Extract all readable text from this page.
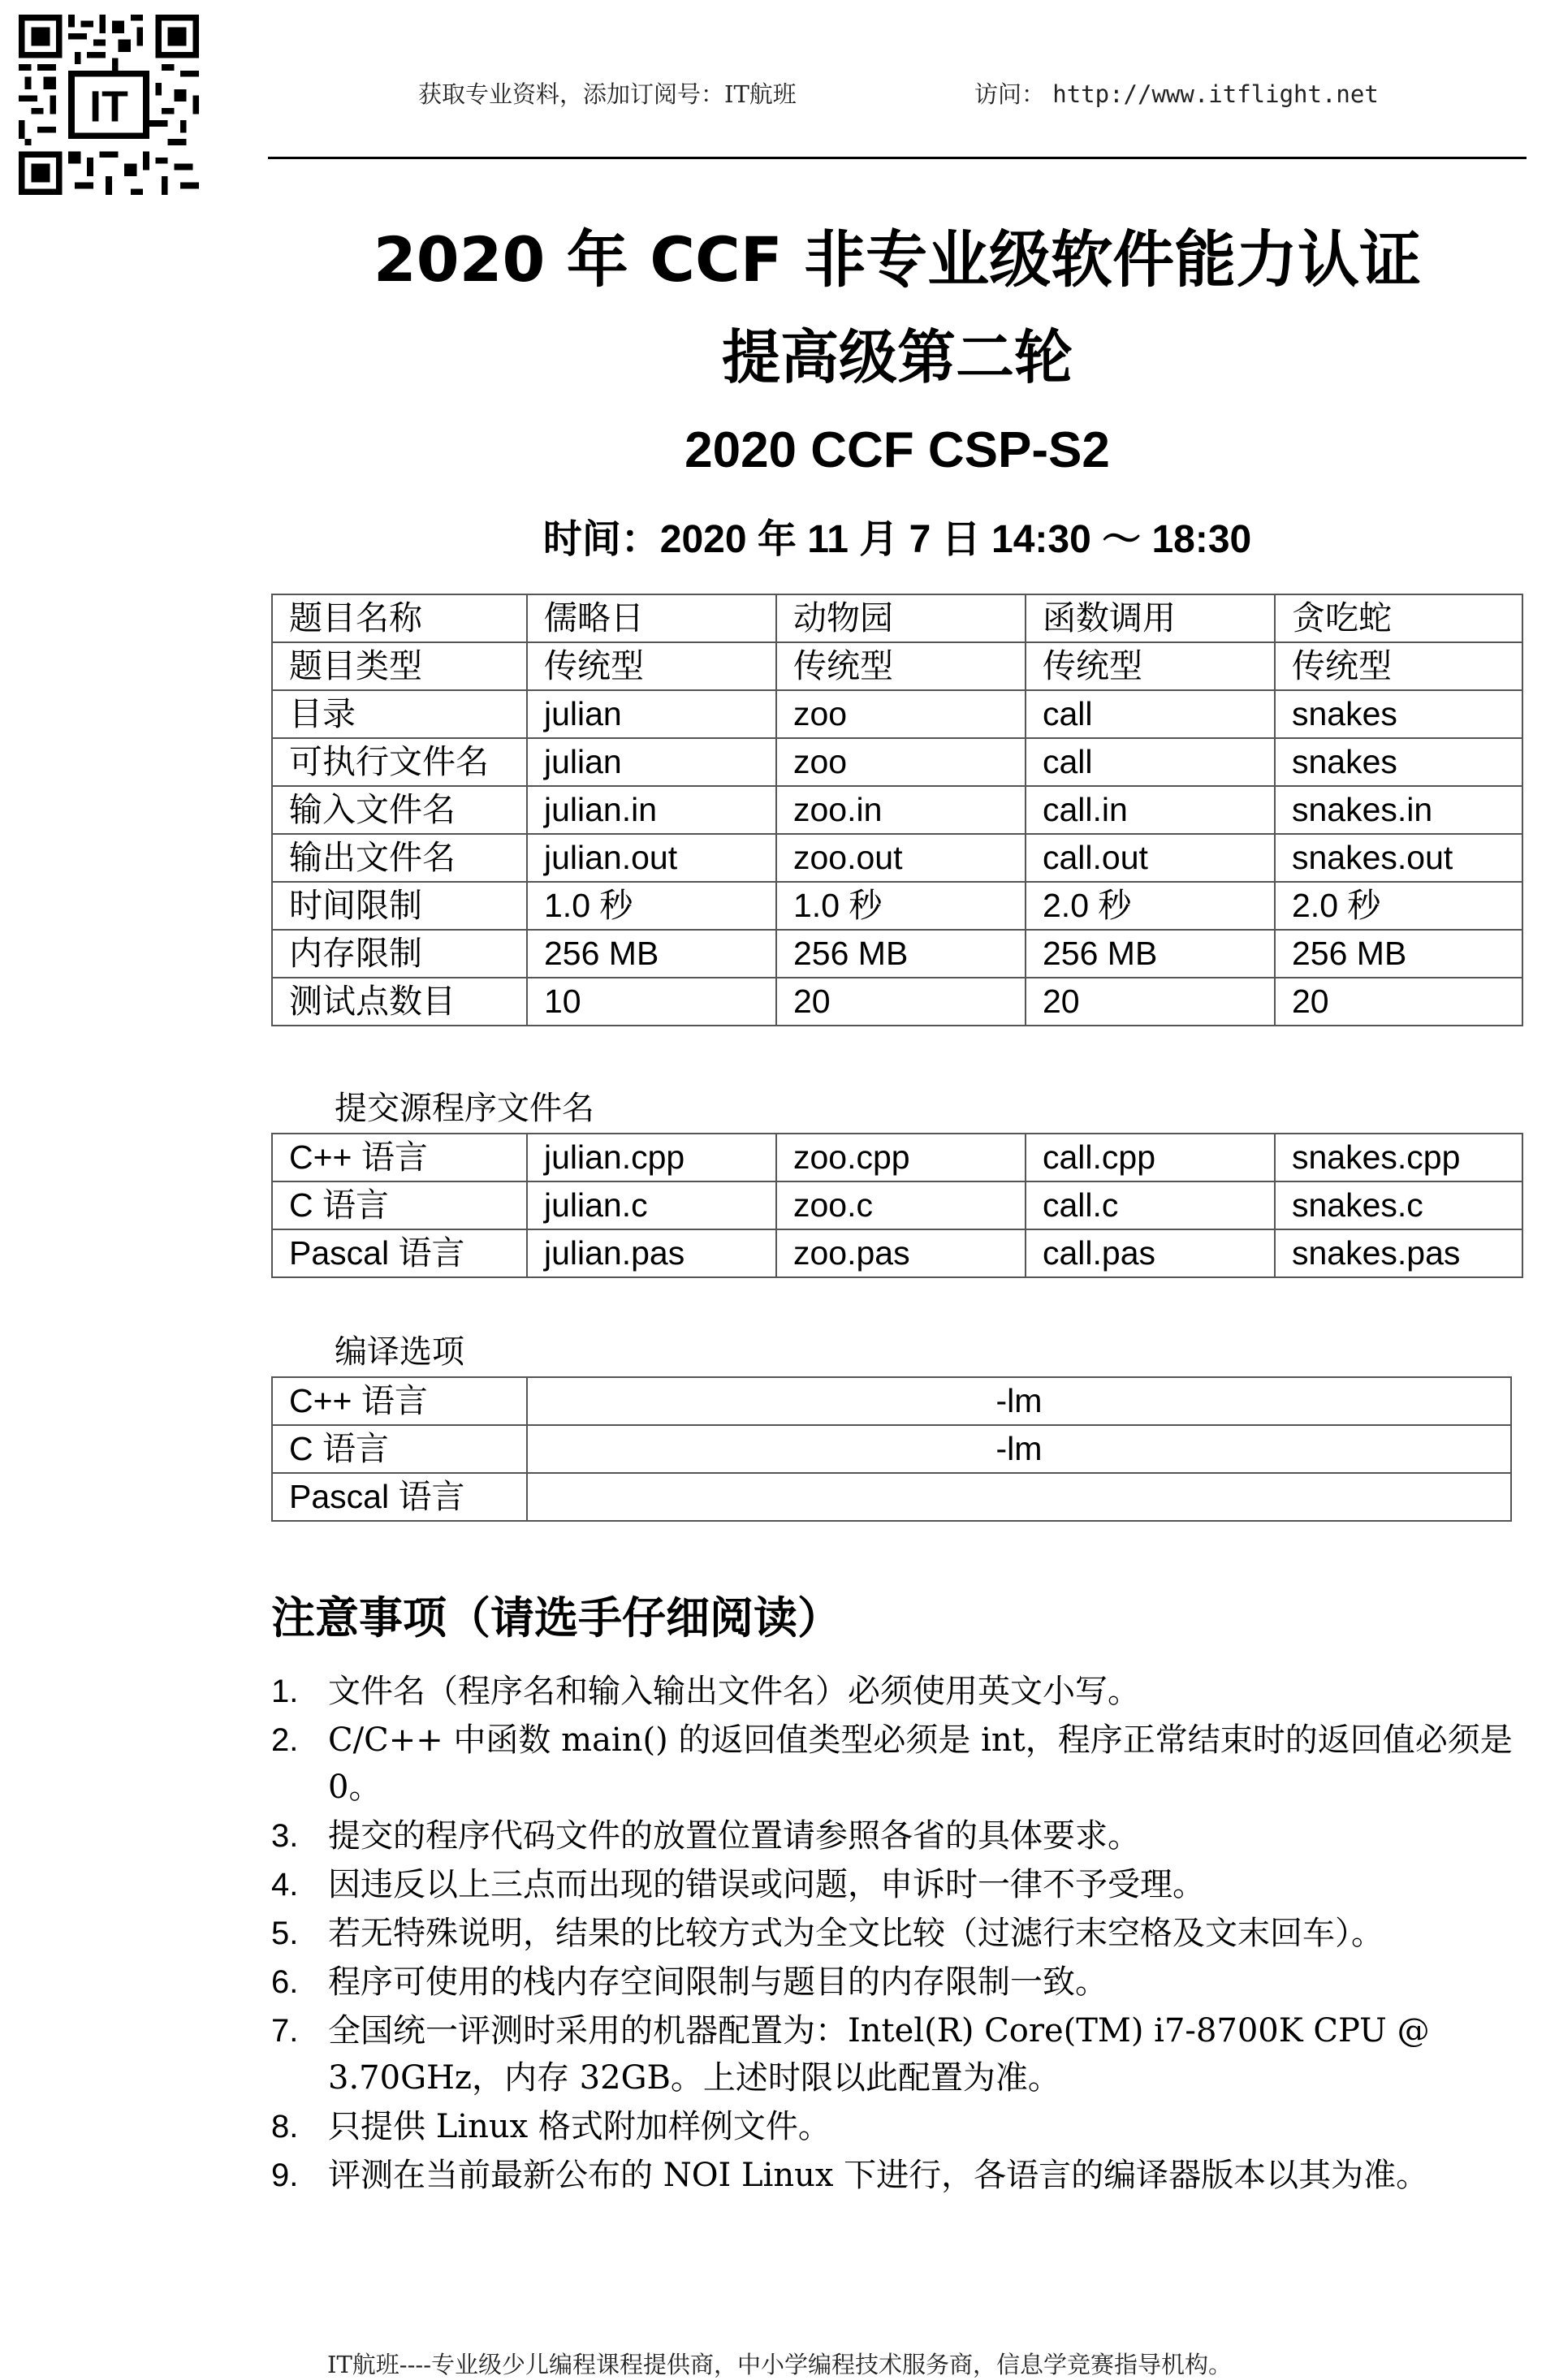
IT	获取专业资料，添加订阅号：IT航班	访问： http://www.itflight.net
2020 年 CCF 非专业级软件能力认证
提高级第二轮
2020 CCF CSP-S2
时间：2020 年 11 月 7 日 14:30 ～ 18:30
题目名称	儒略日	动物园	函数调用	贪吃蛇
题目类型	传统型	传统型	传统型	传统型
目录	julian	zoo	call	snakes
可执行文件名	julian	zoo	call	snakes
输入文件名	julian.in	zoo.in	call.in	snakes.in
输出文件名	julian.out	zoo.out	call.out	snakes.out
时间限制	1.0 秒	1.0 秒	2.0 秒	2.0 秒
内存限制	256 MB	256 MB	256 MB	256 MB
测试点数目	10	20	20	20
提交源程序文件名
C++ 语言	julian.cpp	zoo.cpp	call.cpp	snakes.cpp
C 语言	julian.c	zoo.c	call.c	snakes.c
Pascal 语言	julian.pas	zoo.pas	call.pas	snakes.pas
编译选项
C++ 语言	-lm
C 语言	-lm
Pascal 语言	
注意事项（请选手仔细阅读）
1. 文件名（程序名和输入输出文件名）必须使用英文小写。
2. C/C++ 中函数 main() 的返回值类型必须是 int，程序正常结束时的返回值必须是 0。
3. 提交的程序代码文件的放置位置请参照各省的具体要求。
4. 因违反以上三点而出现的错误或问题，申诉时一律不予受理。
5. 若无特殊说明，结果的比较方式为全文比较（过滤行末空格及文末回车）。
6. 程序可使用的栈内存空间限制与题目的内存限制一致。
7. 全国统一评测时采用的机器配置为：Intel(R) Core(TM) i7-8700K CPU @ 3.70GHz，内存 32GB。上述时限以此配置为准。
8. 只提供 Linux 格式附加样例文件。
9. 评测在当前最新公布的 NOI Linux 下进行，各语言的编译器版本以其为准。
IT航班----专业级少儿编程课程提供商，中小学编程技术服务商，信息学竞赛指导机构。
